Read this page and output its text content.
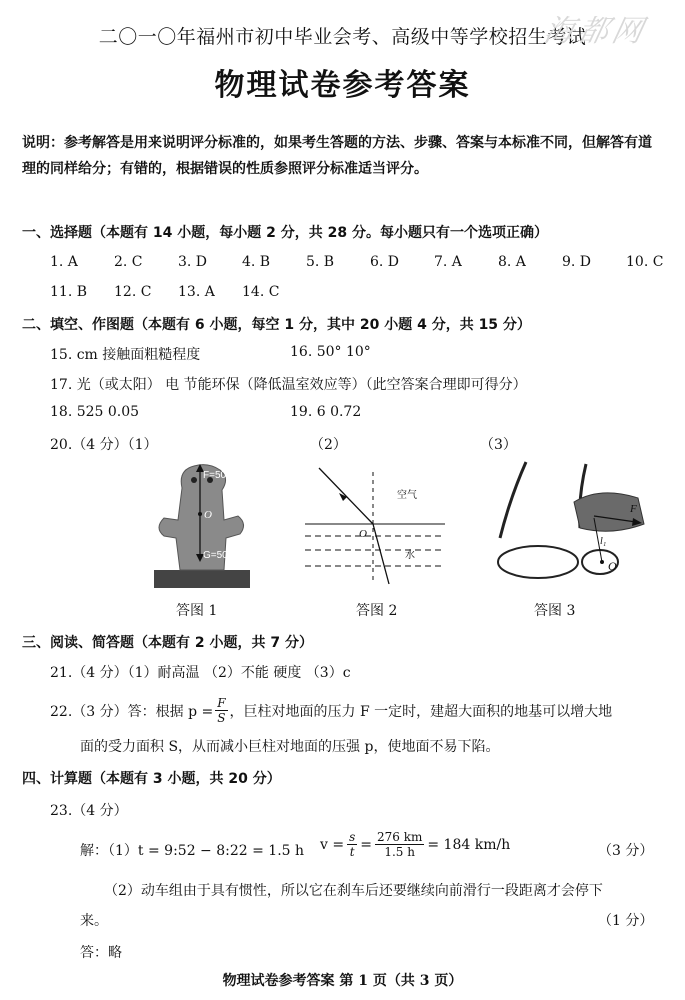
二〇一〇年福州市初中毕业会考、高级中等学校招生考试
海都网
物理试卷参考答案
说明：参考解答是用来说明评分标准的，如果考生答题的方法、步骤、答案与本标准不同，但解答有道理的同样给分；有错的，根据错误的性质参照评分标准适当评分。
一、选择题（本题有 14 小题，每小题 2 分，共 28 分。每小题只有一个选项正确）
1. A	2. C	3. D	4. B	5. B	6. D	7. A	8. A	9. D	10. C
11. B	12. C	13. A	14. C
二、填空、作图题（本题有 6 小题，每空 1 分，其中 20 小题 4 分，共 15 分）
15. cm 接触面粗糙程度	16. 50° 10°
17. 光（或太阳） 电 节能环保（降低温室效应等）（此空答案合理即可得分）
18. 525 0.05	19. 6 0.72
20.（4 分）（1）	（2）	（3）
F=50N
O
G=50N
答图 1
空气
水
O
答图 2
F
l₁
O
答图 3
三、阅读、简答题（本题有 2 小题，共 7 分）
21.（4 分）（1）耐高温 （2）不能 硬度 （3）c
22.（3 分）答：根据 $p = \frac{F}{S}$ ，巨柱对地面的压力 F 一定时，建超大面积的地基可以增大地
面的受力面积 S，从而减小巨柱对地面的压强 p，使地面不易下陷。
四、计算题（本题有 3 小题，共 20 分）
23.（4 分）
解：（1）t = 9:52 − 8:22 = 1.5 h $v = \frac{s}{t} = \frac{276 km}{1.5 h} = 184$ km/h	（3 分）
（2）动车组由于具有惯性，所以它在刹车后还要继续向前滑行一段距离才会停下
来。	（1 分）
答：略
物理试卷参考答案 第 1 页（共 3 页）
